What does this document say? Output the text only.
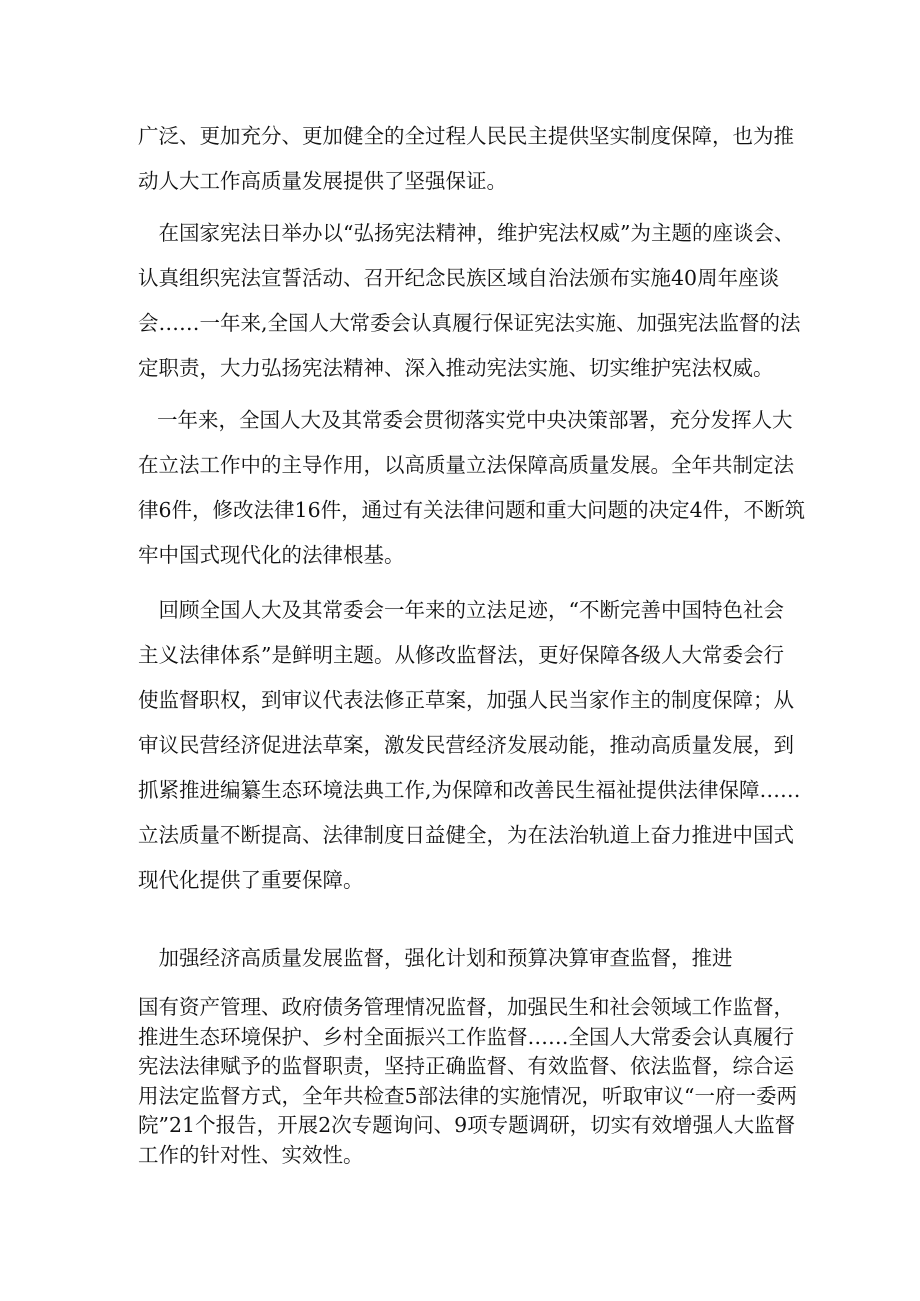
广泛、更加充分、更加健全的全过程人民民主提供坚实制度保障，也为推
动人大工作高质量发展提供了坚强保证。

　在国家宪法日举办以“弘扬宪法精神，维护宪法权威”为主题的座谈会、
认真组织宪法宣誓活动、召开纪念民族区域自治法颁布实施40周年座谈
会……一年来,全国人大常委会认真履行保证宪法实施、加强宪法监督的法
定职责，大力弘扬宪法精神、深入推动宪法实施、切实维护宪法权威。

一年来，全国人大及其常委会贯彻落实党中央决策部署，充分发挥人大
在立法工作中的主导作用，以高质量立法保障高质量发展。全年共制定法
律6件，修改法律16件，通过有关法律问题和重大问题的决定4件，不断筑
牢中国式现代化的法律根基。

　回顾全国人大及其常委会一年来的立法足迹，“不断完善中国特色社会
主义法律体系”是鲜明主题。从修改监督法，更好保障各级人大常委会行
使监督职权，到审议代表法修正草案，加强人民当家作主的制度保障；从
审议民营经济促进法草案，激发民营经济发展动能，推动高质量发展，到
抓紧推进编纂生态环境法典工作,为保障和改善民生福祉提供法律保障……
立法质量不断提高、法律制度日益健全，为在法治轨道上奋力推进中国式
现代化提供了重要保障。

　加强经济高质量发展监督，强化计划和预算决算审查监督，推进

国有资产管理、政府债务管理情况监督，加强民生和社会领域工作监督，
推进生态环境保护、乡村全面振兴工作监督……全国人大常委会认真履行
宪法法律赋予的监督职责，坚持正确监督、有效监督、依法监督，综合运
用法定监督方式，全年共检查5部法律的实施情况，听取审议“一府一委两
院”21个报告，开展2次专题询问、9项专题调研，切实有效增强人大监督
工作的针对性、实效性。
